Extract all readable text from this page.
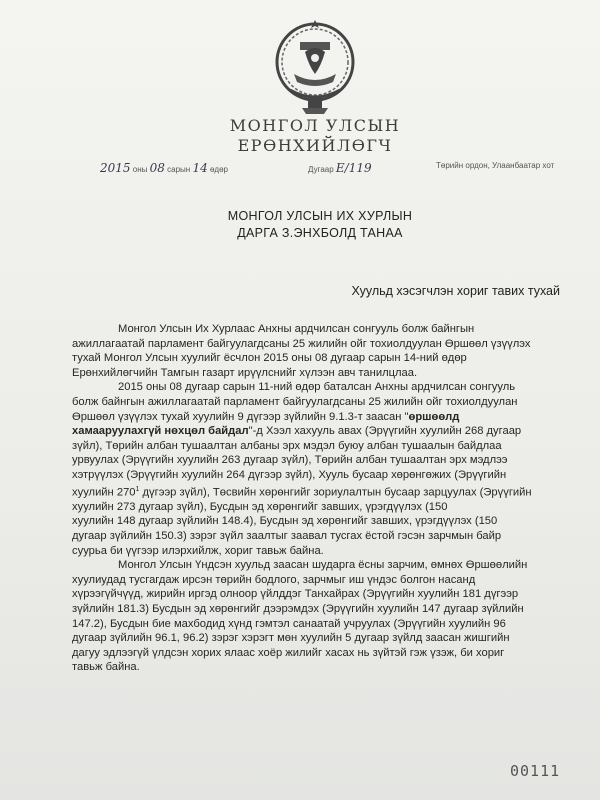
МОНГОЛ УЛСЫН
ЕРӨНХИЙЛӨГЧ
2015 оны 08 сарын 14 өдөр	Дугаар Е/119	Төрийн ордон, Улаанбаатар хот
МОНГОЛ УЛСЫН ИХ ХУРЛЫН
ДАРГА З.ЭНХБОЛД ТАНАА
Хуульд хэсэгчлэн хориг тавих тухай
Монгол Улсын Их Хурлаас Анхны ардчилсан сонгууль болж байнгын
ажиллагаатай парламент байгуулагдсаны 25 жилийн ойг тохиолдуулан Өршөөл үзүүлэх
тухай Монгол Улсын хуулийг ёсчлон 2015 оны 08 дугаар сарын 14-ний өдөр
Ерөнхийлөгчийн Тамгын газарт ирүүлснийг хүлээн авч танилцлаа.
2015 оны 08 дугаар сарын 11-ний өдөр баталсан Анхны ардчилсан сонгууль
болж байнгын ажиллагаатай парламент байгуулагдсаны 25 жилийн ойг тохиолдуулан
Өршөөл үзүүлэх тухай хуулийн 9 дүгээр зүйлийн 9.1.3-т заасан "өршөөлд
хамааруулахгүй нөхцөл байдал"-д Хээл хахууль авах (Эрүүгийн хуулийн 268 дугаар
зүйл), Төрийн албан тушаалтан албаны эрх мэдэл буюу албан тушаалын байдлаа
урвуулах (Эрүүгийн хуулийн 263 дугаар зүйл), Төрийн албан тушаалтан эрх мэдлээ
хэтрүүлэх (Эрүүгийн хуулийн 264 дүгээр зүйл), Хууль бусаар хөрөнгөжих (Эрүүгийн
хуулийн $270^1$ дүгээр зүйл), Төсвийн хөрөнгийг зориулалтын бусаар зарцуулах (Эрүүгийн
хуулийн 273 дугаар зүйл), Бусдын эд хөрөнгийг завших, үрэгдүүлэх (150
хуулийн 148 дугаар зүйлийн 148.4), Бусдын эд хөрөнгийг завших, үрэгдүүлэх (150
дугаар зүйлийн 150.3) зэрэг зүйл заалтыг заавал тусгах ёстой гэсэн зарчмын байр
суурьа би үүгээр илэрхийлж, хориг тавьж байна.
Монгол Улсын Үндсэн хуульд заасан шударга ёсны зарчим, өмнөх Өршөөлийн
хуулиудад тусгагдаж ирсэн төрийн бодлого, зарчмыг иш үндэс болгон насанд
хүрээгүйчүүд, жирийн иргэд олноор үйлддэг Танхайрах (Эрүүгийн хуулийн 181 дүгээр
зүйлийн 181.3) Бусдын эд хөрөнгийг дээрэмдэх (Эрүүгийн хуулийн 147 дугаар зүйлийн
147.2), Бусдын бие махбодид хүнд гэмтэл санаатай учруулах (Эрүүгийн хуулийн 96
дугаар зүйлийн 96.1, 96.2) зэрэг хэрэгт мөн хуулийн 5 дугаар зүйлд заасан жишгийн
дагуу эдлээгүй үлдсэн хорих ялаас хоёр жилийг хасах нь зүйтэй гэж үзэж, би хориг
тавьж байна.
00111
